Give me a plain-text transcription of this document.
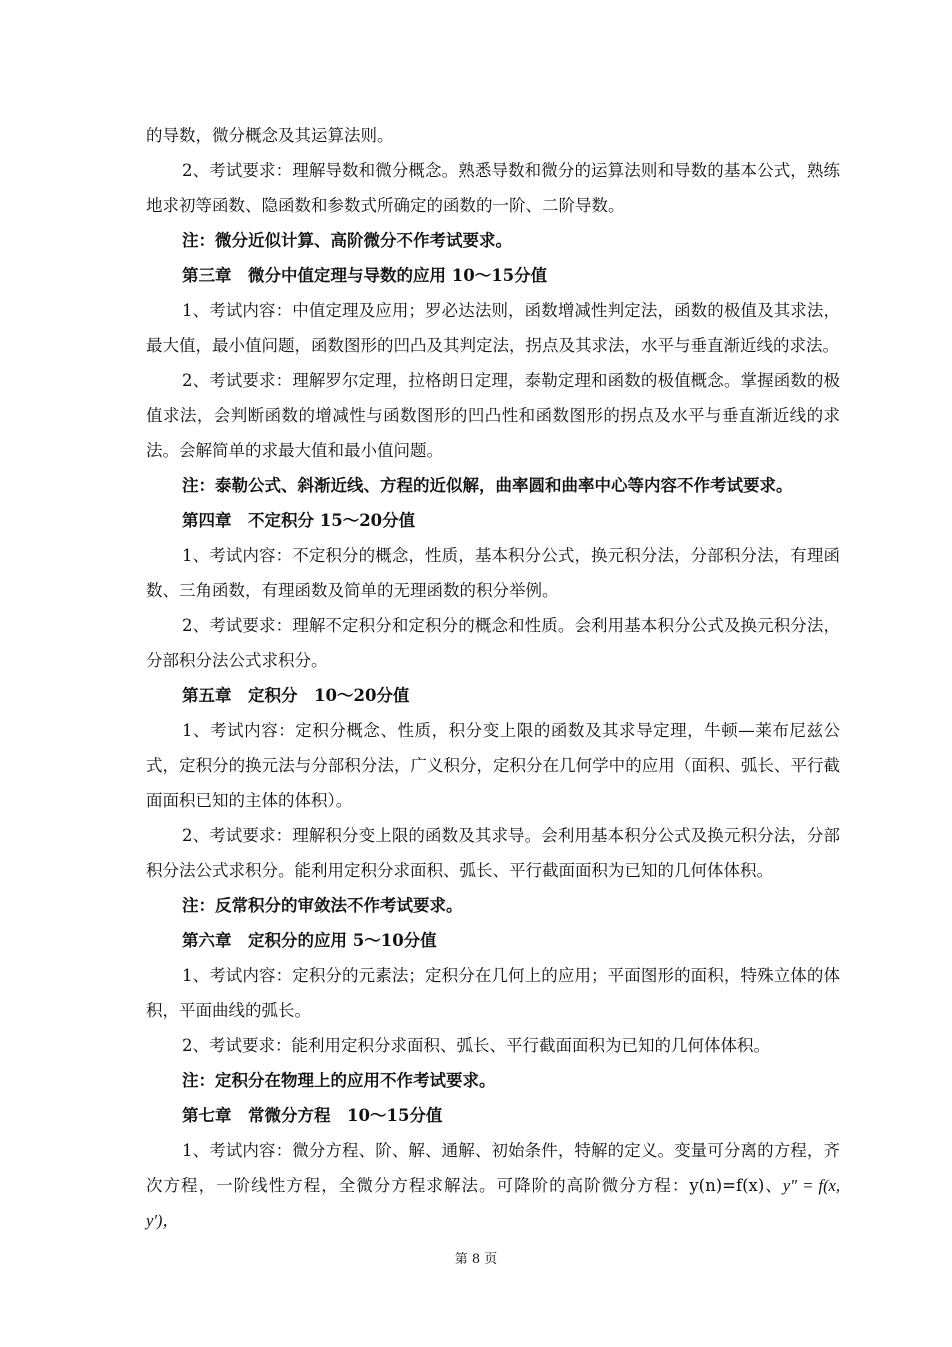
的导数，微分概念及其运算法则。

2、考试要求：理解导数和微分概念。熟悉导数和微分的运算法则和导数的基本公式，熟练地求初等函数、隐函数和参数式所确定的函数的一阶、二阶导数。

注：微分近似计算、高阶微分不作考试要求。

第三章　微分中值定理与导数的应用 10～15分值

1、考试内容：中值定理及应用；罗必达法则，函数增减性判定法，函数的极值及其求法，最大值，最小值问题，函数图形的凹凸及其判定法，拐点及其求法，水平与垂直渐近线的求法。

2、考试要求：理解罗尔定理，拉格朗日定理，泰勒定理和函数的极值概念。掌握函数的极值求法，会判断函数的增减性与函数图形的凹凸性和函数图形的拐点及水平与垂直渐近线的求法。会解简单的求最大值和最小值问题。

注：泰勒公式、斜渐近线、方程的近似解，曲率圆和曲率中心等内容不作考试要求。

第四章　不定积分 15～20分值

1、考试内容：不定积分的概念，性质，基本积分公式，换元积分法，分部积分法，有理函数、三角函数，有理函数及简单的无理函数的积分举例。

2、考试要求：理解不定积分和定积分的概念和性质。会利用基本积分公式及换元积分法，分部积分法公式求积分。

第五章　定积分　10～20分值

1、考试内容：定积分概念、性质，积分变上限的函数及其求导定理，牛顿—莱布尼兹公式，定积分的换元法与分部积分法，广义积分，定积分在几何学中的应用（面积、弧长、平行截面面积已知的主体的体积）。

2、考试要求：理解积分变上限的函数及其求导。会利用基本积分公式及换元积分法，分部积分法公式求积分。能利用定积分求面积、弧长、平行截面面积为已知的几何体体积。

注：反常积分的审敛法不作考试要求。

第六章　定积分的应用 5～10分值

1、考试内容：定积分的元素法；定积分在几何上的应用；平面图形的面积，特殊立体的体积，平面曲线的弧长。

2、考试要求：能利用定积分求面积、弧长、平行截面面积为已知的几何体体积。

注：定积分在物理上的应用不作考试要求。

第七章　常微分方程　10～15分值

1、考试内容：微分方程、阶、解、通解、初始条件，特解的定义。变量可分离的方程，齐次方程，一阶线性方程，全微分方程求解法。可降阶的高阶微分方程：y(n)=f(x)、y″ = f(x, y′)，

第 8 页
